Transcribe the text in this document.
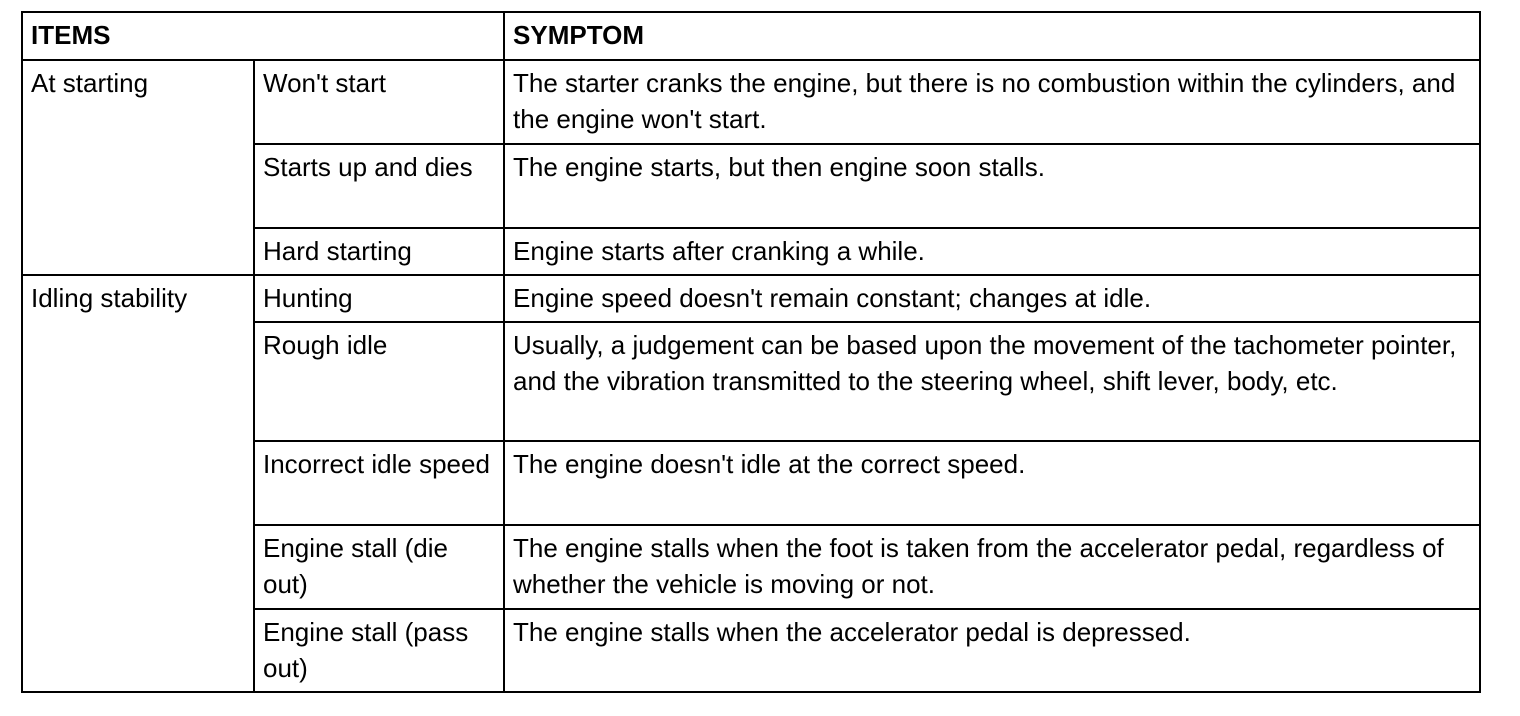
ITEMS		SYMPTOM
At starting	Won't start	The starter cranks the engine, but there is no combustion within the cylinders, and the engine won't start.
	Starts up and dies	The engine starts, but then engine soon stalls.
	Hard starting	Engine starts after cranking a while.
Idling stability	Hunting	Engine speed doesn't remain constant; changes at idle.
	Rough idle	Usually, a judgement can be based upon the movement of the tachometer pointer, and the vibration transmitted to the steering wheel, shift lever, body, etc.
	Incorrect idle speed	The engine doesn't idle at the correct speed.
	Engine stall (die out)	The engine stalls when the foot is taken from the accelerator pedal, regardless of whether the vehicle is moving or not.
	Engine stall (pass out)	The engine stalls when the accelerator pedal is depressed.
